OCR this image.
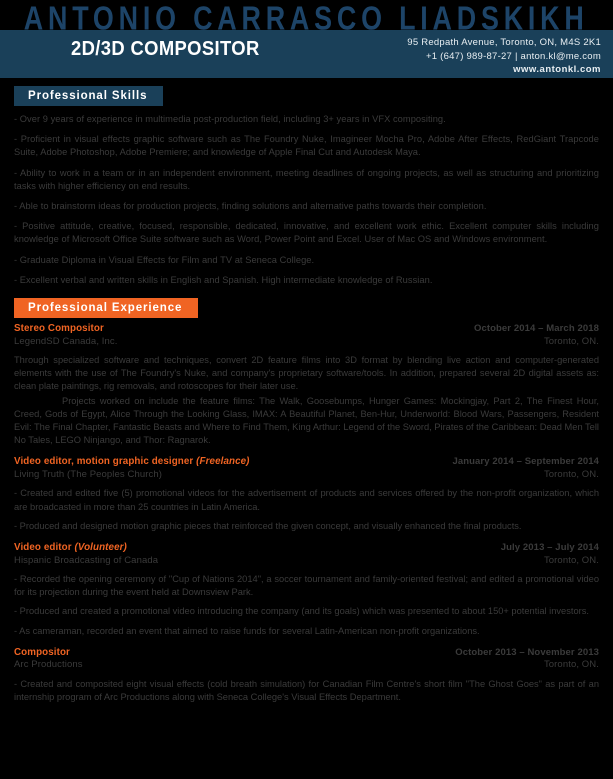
ANTONIO CARRASCO LIADSKIKH
2D/3D COMPOSITOR	95 Redpath Avenue, Toronto, ON, M4S 2K1
+1 (647) 989-87-27 | anton.kl@me.com
www.antonkl.com
Professional Skills
- Over 9 years of experience in multimedia post-production field, including 3+ years in VFX compositing.
- Proficient in visual effects graphic software such as The Foundry Nuke, Imagineer Mocha Pro, Adobe After Effects, RedGiant Trapcode Suite, Adobe Photoshop, Adobe Premiere; and knowledge of Apple Final Cut and Autodesk Maya.
- Ability to work in a team or in an independent environment, meeting deadlines of ongoing projects, as well as structuring and prioritizing tasks with higher efficiency on end results.
- Able to brainstorm ideas for production projects, finding solutions and alternative paths towards their completion.
- Positive attitude, creative, focused, responsible, dedicated, innovative, and excellent work ethic. Excellent computer skills including knowledge of Microsoft Office Suite software such as Word, Power Point and Excel. User of Mac OS and Windows environment.
- Graduate Diploma in Visual Effects for Film and TV at Seneca College.
- Excellent verbal and written skills in English and Spanish. High intermediate knowledge of Russian.
Professional Experience
Stereo Compositor	October 2014 – March 2018
LegendSD Canada, Inc.	Toronto, ON.
Through specialized software and techniques, convert 2D feature films into 3D format by blending live action and computer-generated elements with the use of The Foundry's Nuke, and company's proprietary software/tools. In addition, prepared several 2D digital assets as: clean plate paintings, rig removals, and rotoscopes for their later use.
Projects worked on include the feature films: The Walk, Goosebumps, Hunger Games: Mockingjay, Part 2, The Finest Hour, Creed, Gods of Egypt, Alice Through the Looking Glass, IMAX: A Beautiful Planet, Ben-Hur, Underworld: Blood Wars, Passengers, Resident Evil: The Final Chapter, Fantastic Beasts and Where to Find Them, King Arthur: Legend of the Sword, Pirates of the Caribbean: Dead Men Tell No Tales, LEGO Ninjango, and Thor: Ragnarok.
Video editor, motion graphic designer (Freelance)	January 2014 – September 2014
Living Truth (The Peoples Church)	Toronto, ON.
- Created and edited five (5) promotional videos for the advertisement of products and services offered by the non-profit organization, which are broadcasted in more than 25 countries in Latin America.
- Produced and designed motion graphic pieces that reinforced the given concept, and visually enhanced the final products.
Video editor (Volunteer)	July 2013 – July 2014
Hispanic Broadcasting of Canada	Toronto, ON.
- Recorded the opening ceremony of "Cup of Nations 2014", a soccer tournament and family-oriented festival; and edited a promotional video for its projection during the event held at Downsview Park.
- Produced and created a promotional video introducing the company (and its goals) which was presented to about 150+ potential investors.
- As cameraman, recorded an event that aimed to raise funds for several Latin-American non-profit organizations.
Compositor	October 2013 – November 2013
Arc Productions	Toronto, ON.
- Created and composited eight visual effects (cold breath simulation) for Canadian Film Centre's short film "The Ghost Goes" as part of an internship program of Arc Productions along with Seneca College's Visual Effects Department.
